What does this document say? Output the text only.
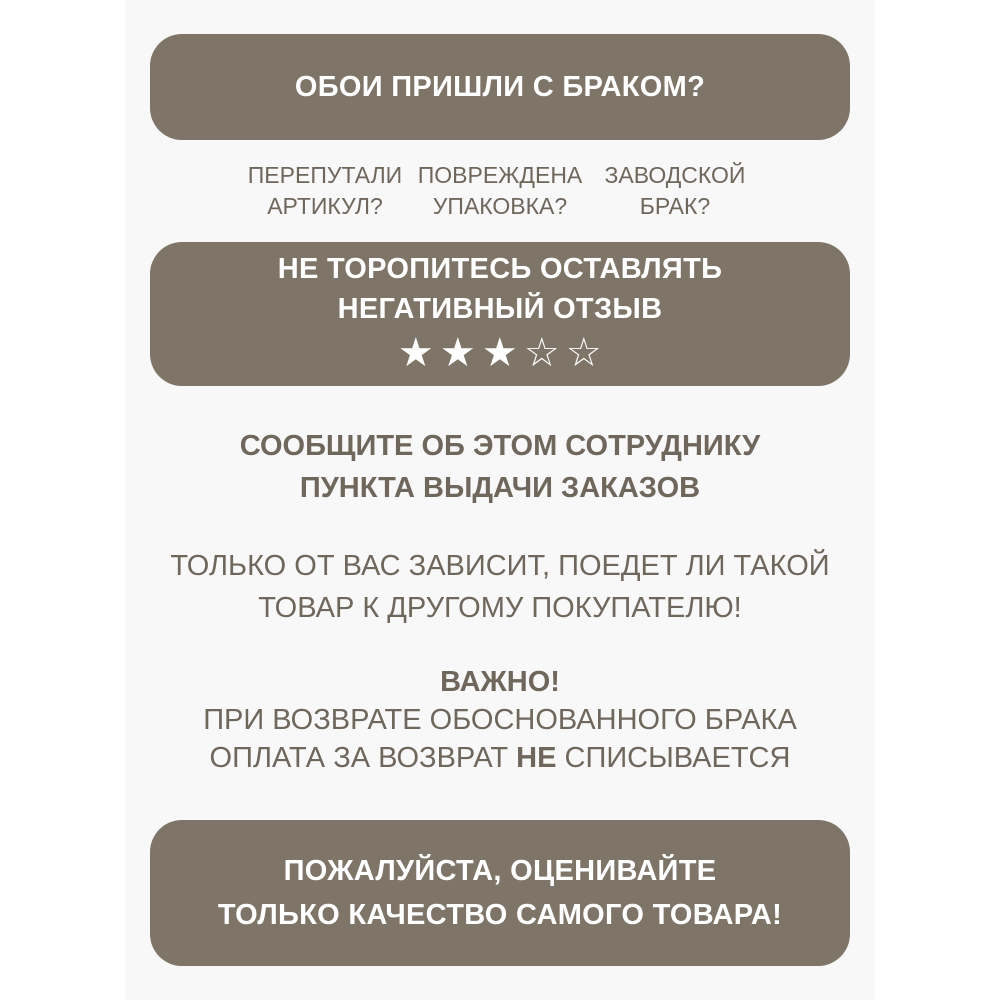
ОБОИ ПРИШЛИ С БРАКОМ?
ПЕРЕПУТАЛИ
АРТИКУЛ?
ПОВРЕЖДЕНА
УПАКОВКА?
ЗАВОДСКОЙ
БРАК?
НЕ ТОРОПИТЕСЬ ОСТАВЛЯТЬ
НЕГАТИВНЫЙ ОТЗЫВ
★ ★ ★ ☆ ☆
СООБЩИТЕ ОБ ЭТОМ СОТРУДНИКУ
ПУНКТА ВЫДАЧИ ЗАКАЗОВ
ТОЛЬКО ОТ ВАС ЗАВИСИТ, ПОЕДЕТ ЛИ ТАКОЙ
ТОВАР К ДРУГОМУ ПОКУПАТЕЛЮ!
ВАЖНО!
ПРИ ВОЗВРАТЕ ОБОСНОВАННОГО БРАКА
ОПЛАТА ЗА ВОЗВРАТ НЕ СПИСЫВАЕТСЯ
ПОЖАЛУЙСТА, ОЦЕНИВАЙТЕ
ТОЛЬКО КАЧЕСТВО САМОГО ТОВАРА!
